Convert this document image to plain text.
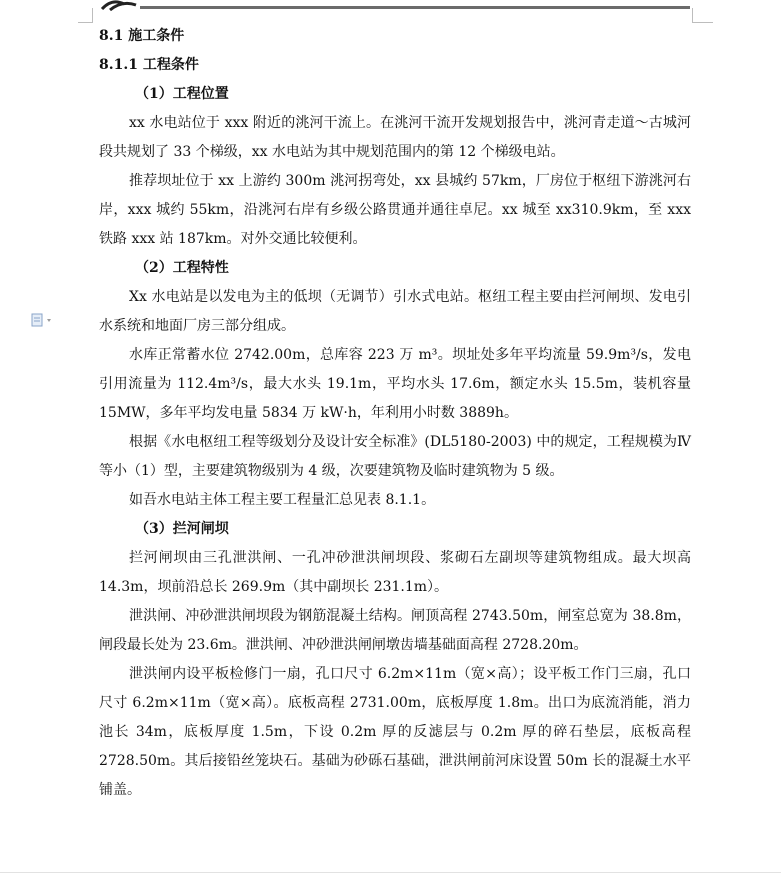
8.1 施工条件

8.1.1 工程条件

（1）工程位置

xx 水电站位于 xxx 附近的洮河干流上。在洮河干流开发规划报告中，洮河青走道～古城河段共规划了 33 个梯级，xx 水电站为其中规划范围内的第 12 个梯级电站。

推荐坝址位于 xx 上游约 300m 洮河拐弯处，xx 县城约 57km，厂房位于枢纽下游洮河右岸，xxx 城约 55km，沿洮河右岸有乡级公路贯通并通往卓尼。xx 城至 xx310.9km，至 xxx 铁路 xxx 站 187km。对外交通比较便利。

（2）工程特性

Xx 水电站是以发电为主的低坝（无调节）引水式电站。枢纽工程主要由拦河闸坝、发电引水系统和地面厂房三部分组成。

水库正常蓄水位 2742.00m，总库容 223 万 m³。坝址处多年平均流量 59.9m³/s，发电引用流量为 112.4m³/s，最大水头 19.1m，平均水头 17.6m，额定水头 15.5m，装机容量 15MW，多年平均发电量 5834 万 kW·h，年利用小时数 3889h。

根据《水电枢纽工程等级划分及设计安全标准》(DL5180-2003) 中的规定，工程规模为Ⅳ等小（1）型，主要建筑物级别为 4 级，次要建筑物及临时建筑物为 5 级。

如吾水电站主体工程主要工程量汇总见表 8.1.1。

（3）拦河闸坝

拦河闸坝由三孔泄洪闸、一孔冲砂泄洪闸坝段、浆砌石左副坝等建筑物组成。最大坝高 14.3m，坝前沿总长 269.9m（其中副坝长 231.1m）。

泄洪闸、冲砂泄洪闸坝段为钢筋混凝土结构。闸顶高程 2743.50m，闸室总宽为 38.8m，闸段最长处为 23.6m。泄洪闸、冲砂泄洪闸闸墩齿墙基础面高程 2728.20m。

泄洪闸内设平板检修门一扇，孔口尺寸 6.2m×11m（宽×高）；设平板工作门三扇，孔口尺寸 6.2m×11m（宽×高）。底板高程 2731.00m，底板厚度 1.8m。出口为底流消能，消力池长 34m，底板厚度 1.5m，下设 0.2m 厚的反滤层与 0.2m 厚的碎石垫层，底板高程 2728.50m。其后接铅丝笼块石。基础为砂砾石基础，泄洪闸前河床设置 50m 长的混凝土水平铺盖。
